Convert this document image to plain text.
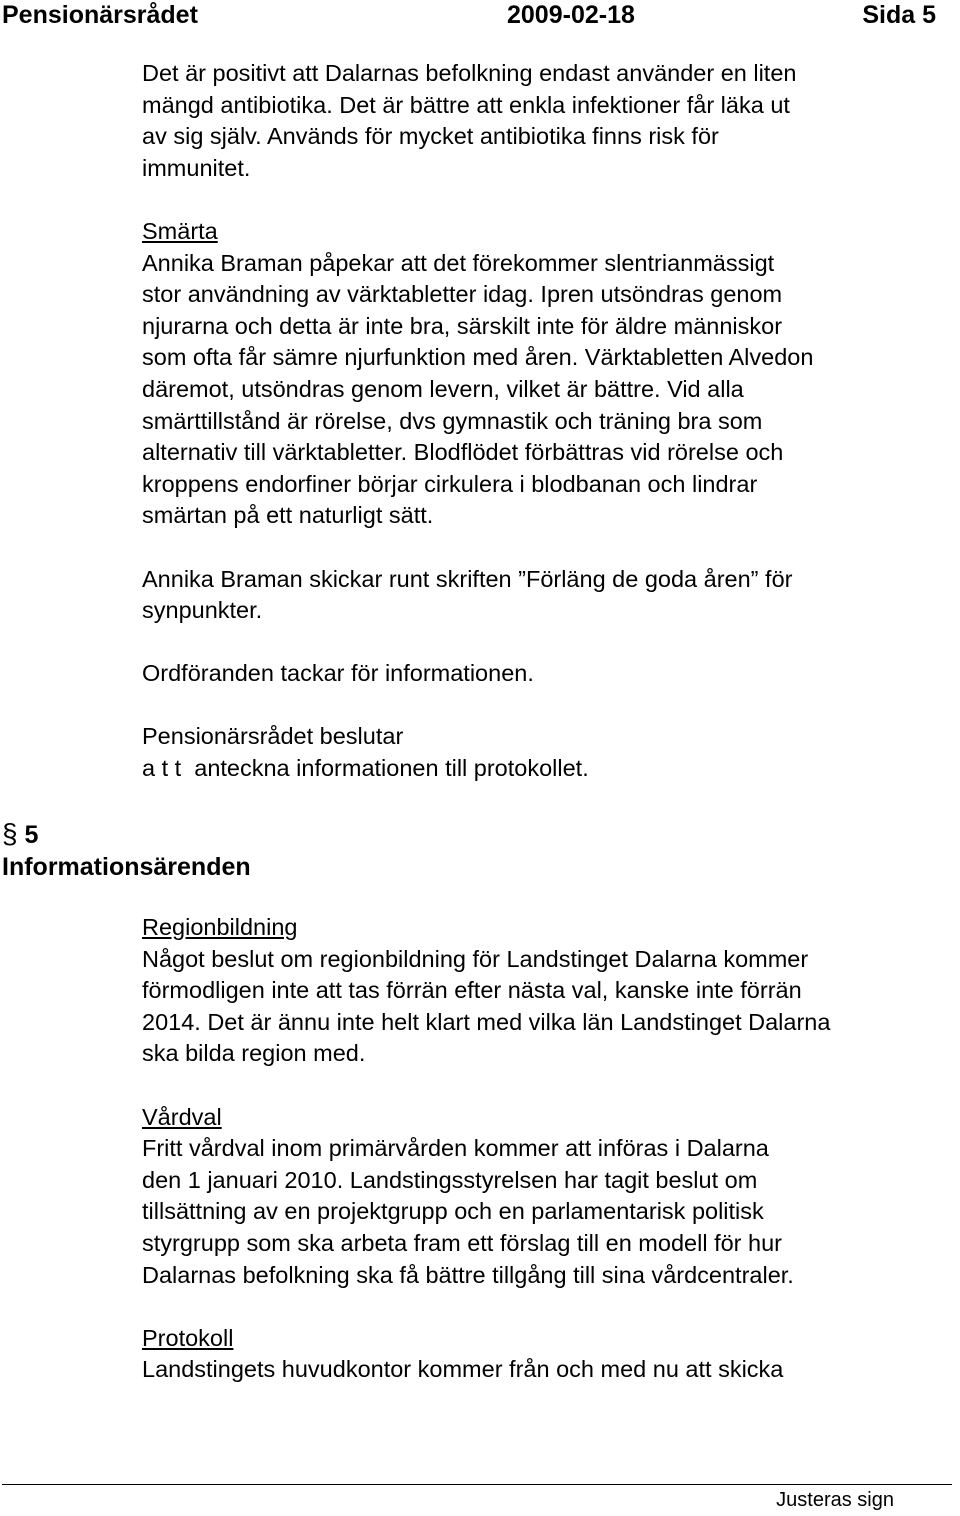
Pensionärsrådet	2009-02-18	Sida 5

Det är positivt att Dalarnas befolkning endast använder en liten

mängd antibiotika. Det är bättre att enkla infektioner får läka ut

av sig själv. Används för mycket antibiotika finns risk för

immunitet.

Smärta

Annika Braman påpekar att det förekommer slentrianmässigt

stor användning av värktabletter idag. Ipren utsöndras genom

njurarna och detta är inte bra, särskilt inte för äldre människor

som ofta får sämre njurfunktion med åren. Värktabletten Alvedon

däremot, utsöndras genom levern, vilket är bättre. Vid alla

smärttillstånd är rörelse, dvs gymnastik och träning bra som

alternativ till värktabletter. Blodflödet förbättras vid rörelse och

kroppens endorfiner börjar cirkulera i blodbanan och lindrar

smärtan på ett naturligt sätt.

Annika Braman skickar runt skriften ”Förläng de goda åren” för

synpunkter.

Ordföranden tackar för informationen.

Pensionärsrådet beslutar

a t t  anteckna informationen till protokollet.

§ 5
Informationsärenden

Regionbildning

Något beslut om regionbildning för Landstinget Dalarna kommer

förmodligen inte att tas förrän efter nästa val, kanske inte förrän

2014. Det är ännu inte helt klart med vilka län Landstinget Dalarna

ska bilda region med.

Vårdval

Fritt vårdval inom primärvården kommer att införas i Dalarna

den 1 januari 2010. Landstingsstyrelsen har tagit beslut om

tillsättning av en projektgrupp och en parlamentarisk politisk

styrgrupp som ska arbeta fram ett förslag till en modell för hur

Dalarnas befolkning ska få bättre tillgång till sina vårdcentraler.

Protokoll

Landstingets huvudkontor kommer från och med nu att skicka

Justeras sign
